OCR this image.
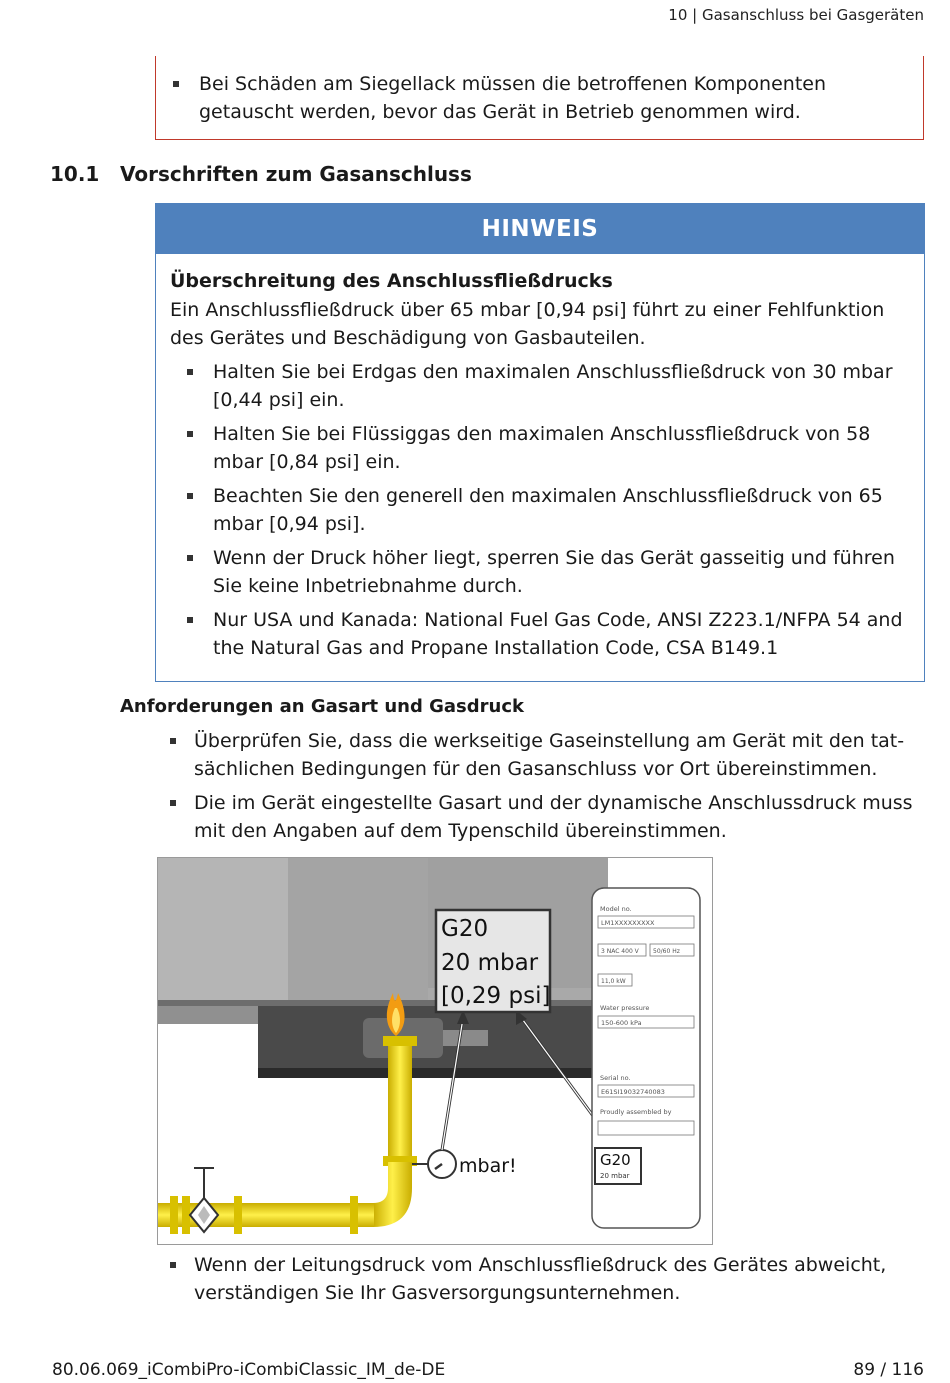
10 | Gasanschluss bei Gasgeräten
Bei Schäden am Siegellack müssen die betroffenen Komponenten getauscht werden, bevor das Gerät in Betrieb genommen wird.
10.1 Vorschriften zum Gasanschluss
HINWEIS
Überschreitung des Anschlussfließdrucks
Ein Anschlussfließdruck über 65 mbar [0,94 psi] führt zu einer Fehlfunktion des Gerätes und Beschädigung von Gasbauteilen.
Halten Sie bei Erdgas den maximalen Anschlussfließdruck von 30 mbar [0,44 psi] ein.
Halten Sie bei Flüssiggas den maximalen Anschlussfließdruck von 58 mbar [0,84 psi] ein.
Beachten Sie den generell den maximalen Anschlussfließdruck von 65 mbar [0,94 psi].
Wenn der Druck höher liegt, sperren Sie das Gerät gasseitig und führen Sie keine Inbetriebnahme durch.
Nur USA und Kanada: National Fuel Gas Code, ANSI Z223.1/NFPA 54 and the Natural Gas and Propane Installation Code, CSA B149.1
Anforderungen an Gasart und Gasdruck
Überprüfen Sie, dass die werkseitige Gaseinstellung am Gerät mit den tatsächlichen Bedingungen für den Gasanschluss vor Ort übereinstimmen.
Die im Gerät eingestellte Gasart und der dynamische Anschlussdruck muss mit den Angaben auf dem Typenschild übereinstimmen.
G20
20 mbar
[0,29 psi]
mbar!
Model no.
LM1XXXXXXXXX
3 NAC 400 V 50/60 Hz
11,0 kW
Water pressure
150-600 kPa
Serial no.
E61SI19032740083
Proudly assembled by
G20
20 mbar
Wenn der Leitungsdruck vom Anschlussfließdruck des Gerätes abweicht, verständigen Sie Ihr Gasversorgungsunternehmen.
80.06.069_iCombiPro-iCombiClassic_IM_de-DE	89 / 116
